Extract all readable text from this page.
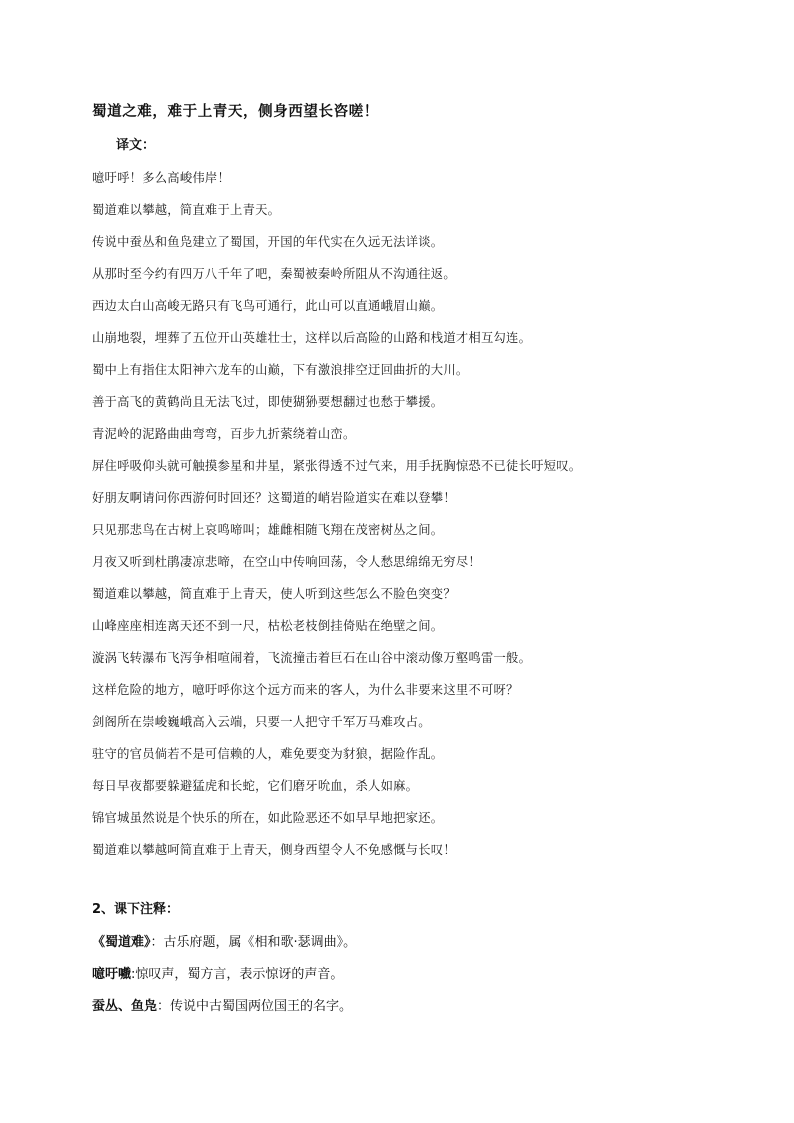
蜀道之难，难于上青天，侧身西望长咨嗟！
译文：
噫吁呼！多么高峻伟岸！
蜀道难以攀越，简直难于上青天。
传说中蚕丛和鱼凫建立了蜀国，开国的年代实在久远无法详谈。
从那时至今约有四万八千年了吧，秦蜀被秦岭所阻从不沟通往返。
西边太白山高峻无路只有飞鸟可通行，此山可以直通峨眉山巅。
山崩地裂，埋葬了五位开山英雄壮士，这样以后高险的山路和栈道才相互勾连。
蜀中上有指住太阳神六龙车的山巅，下有激浪排空迂回曲折的大川。
善于高飞的黄鹤尚且无法飞过，即使猢狲要想翻过也愁于攀援。
青泥岭的泥路曲曲弯弯，百步九折萦绕着山峦。
屏住呼吸仰头就可触摸参星和井星，紧张得透不过气来，用手抚胸惊恐不已徒长吁短叹。
好朋友啊请问你西游何时回还？这蜀道的峭岩险道实在难以登攀！
只见那悲鸟在古树上哀鸣啼叫；雄雌相随飞翔在茂密树丛之间。
月夜又听到杜鹃凄凉悲啼，在空山中传响回荡，令人愁思绵绵无穷尽！
蜀道难以攀越，简直难于上青天，使人听到这些怎么不脸色突变？
山峰座座相连离天还不到一尺，枯松老枝倒挂倚贴在绝壁之间。
漩涡飞转瀑布飞泻争相喧闹着，飞流撞击着巨石在山谷中滚动像万壑鸣雷一般。
这样危险的地方，噫吁呼你这个远方而来的客人，为什么非要来这里不可呀？
剑阁所在崇峻巍峨高入云端，只要一人把守千军万马难攻占。
驻守的官员倘若不是可信赖的人，难免要变为豺狼，据险作乱。
每日早夜都要躲避猛虎和长蛇，它们磨牙吮血，杀人如麻。
锦官城虽然说是个快乐的所在，如此险恶还不如早早地把家还。
蜀道难以攀越呵简直难于上青天，侧身西望令人不免感慨与长叹！
2、课下注释：
《蜀道难》：古乐府题，属《相和歌·瑟调曲》。
噫吁嚱:惊叹声，蜀方言，表示惊讶的声音。
蚕丛、鱼凫：传说中古蜀国两位国王的名字。
